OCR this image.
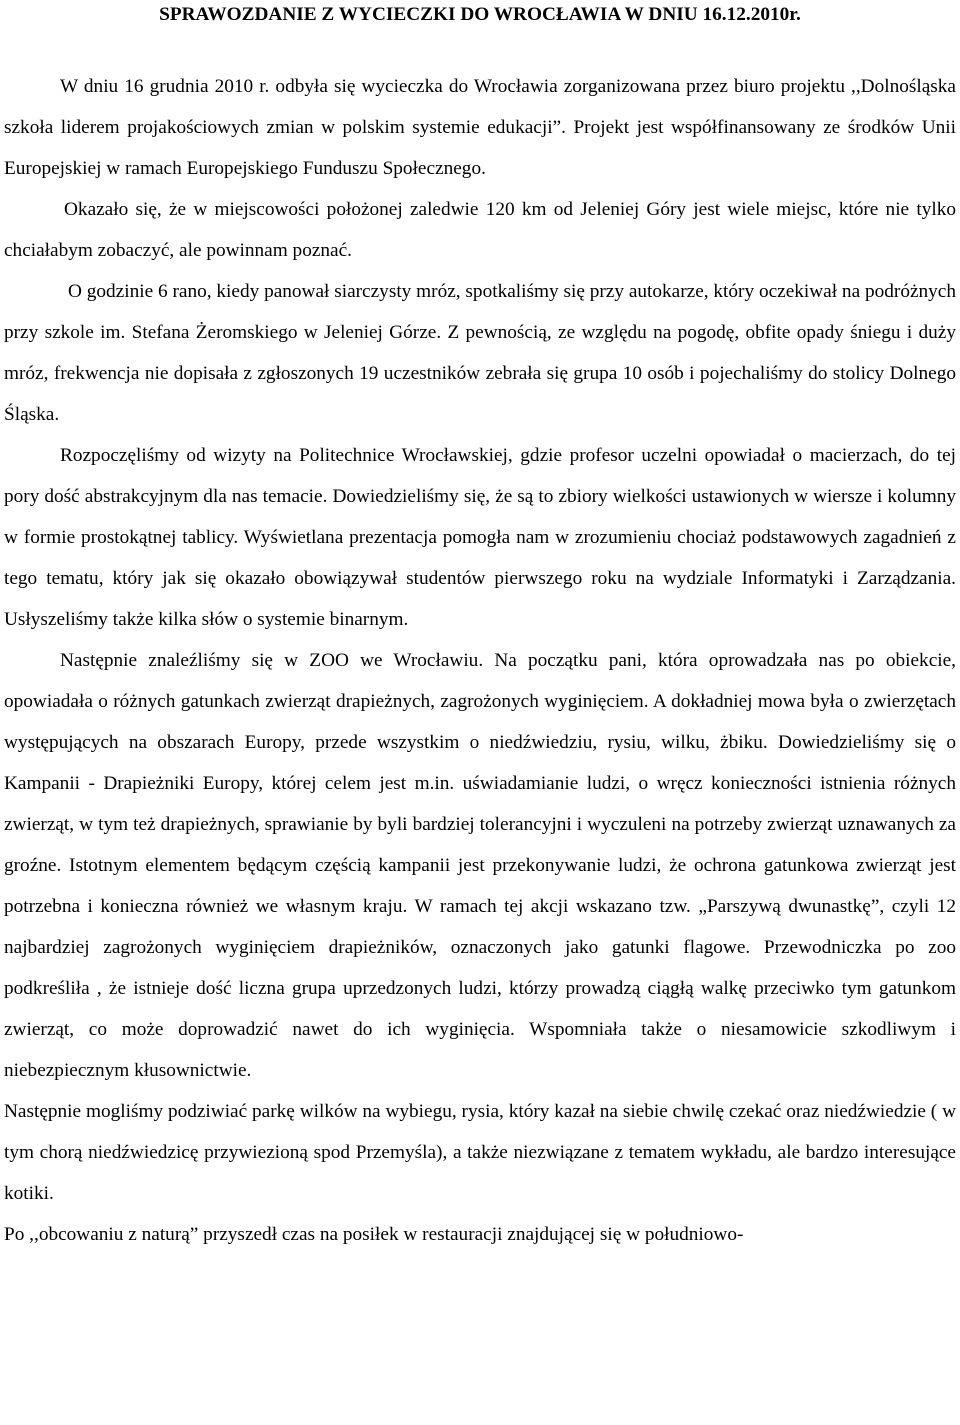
SPRAWOZDANIE Z WYCIECZKI DO WROCŁAWIA W DNIU 16.12.2010r.

W dniu 16 grudnia 2010 r. odbyła się wycieczka do Wrocławia zorganizowana przez biuro projektu ,,Dolnośląska szkoła liderem projakościowych zmian w polskim systemie edukacji”. Projekt jest współfinansowany ze środków Unii Europejskiej w ramach Europejskiego Funduszu Społecznego.

Okazało się, że w miejscowości położonej zaledwie 120 km od Jeleniej Góry jest wiele miejsc, które nie tylko chciałabym zobaczyć, ale powinnam poznać.

O godzinie 6 rano, kiedy panował siarczysty mróz, spotkaliśmy się przy autokarze, który oczekiwał na podróżnych przy szkole im. Stefana Żeromskiego w Jeleniej Górze. Z pewnością, ze względu na pogodę, obfite opady śniegu i duży mróz, frekwencja nie dopisała z zgłoszonych 19 uczestników zebrała się grupa 10 osób i pojechaliśmy do stolicy Dolnego Śląska.

Rozpoczęliśmy od wizyty na Politechnice Wrocławskiej, gdzie profesor uczelni opowiadał o macierzach, do tej pory dość abstrakcyjnym dla nas temacie. Dowiedzieliśmy się, że są to zbiory wielkości ustawionych w wiersze i kolumny w formie prostokątnej tablicy. Wyświetlana prezentacja pomogła nam w zrozumieniu chociaż podstawowych zagadnień z tego tematu, który jak się okazało obowiązywał studentów pierwszego roku na wydziale Informatyki i Zarządzania. Usłyszeliśmy także kilka słów o systemie binarnym.

Następnie znaleźliśmy się w ZOO we Wrocławiu. Na początku pani, która oprowadzała nas po obiekcie, opowiadała o różnych gatunkach zwierząt drapieżnych, zagrożonych wyginięciem. A dokładniej mowa była o zwierzętach występujących na obszarach Europy, przede wszystkim o niedźwiedziu, rysiu, wilku, żbiku. Dowiedzieliśmy się o Kampanii - Drapieżniki Europy, której celem jest m.in. uświadamianie ludzi, o wręcz konieczności istnienia różnych zwierząt, w tym też drapieżnych, sprawianie by byli bardziej tolerancyjni i wyczuleni na potrzeby zwierząt uznawanych za groźne. Istotnym elementem będącym częścią kampanii jest przekonywanie ludzi, że ochrona gatunkowa zwierząt jest potrzebna i konieczna również we własnym kraju. W ramach tej akcji wskazano tzw. „Parszywą dwunastkę”, czyli 12 najbardziej zagrożonych wyginięciem drapieżników, oznaczonych jako gatunki flagowe. Przewodniczka po zoo podkreśliła , że istnieje dość liczna grupa uprzedzonych ludzi, którzy prowadzą ciągłą walkę przeciwko tym gatunkom zwierząt, co może doprowadzić nawet do ich wyginięcia. Wspomniała także o niesamowicie szkodliwym i niebezpiecznym kłusownictwie.

Następnie mogliśmy podziwiać parkę wilków na wybiegu, rysia, który kazał na siebie chwilę czekać oraz niedźwiedzie ( w tym chorą niedźwiedzicę przywiezioną spod Przemyśla), a także niezwiązane z tematem wykładu, ale bardzo interesujące kotiki.

Po ,,obcowaniu z naturą” przyszedł czas na posiłek w restauracji znajdującej się w południowo-
